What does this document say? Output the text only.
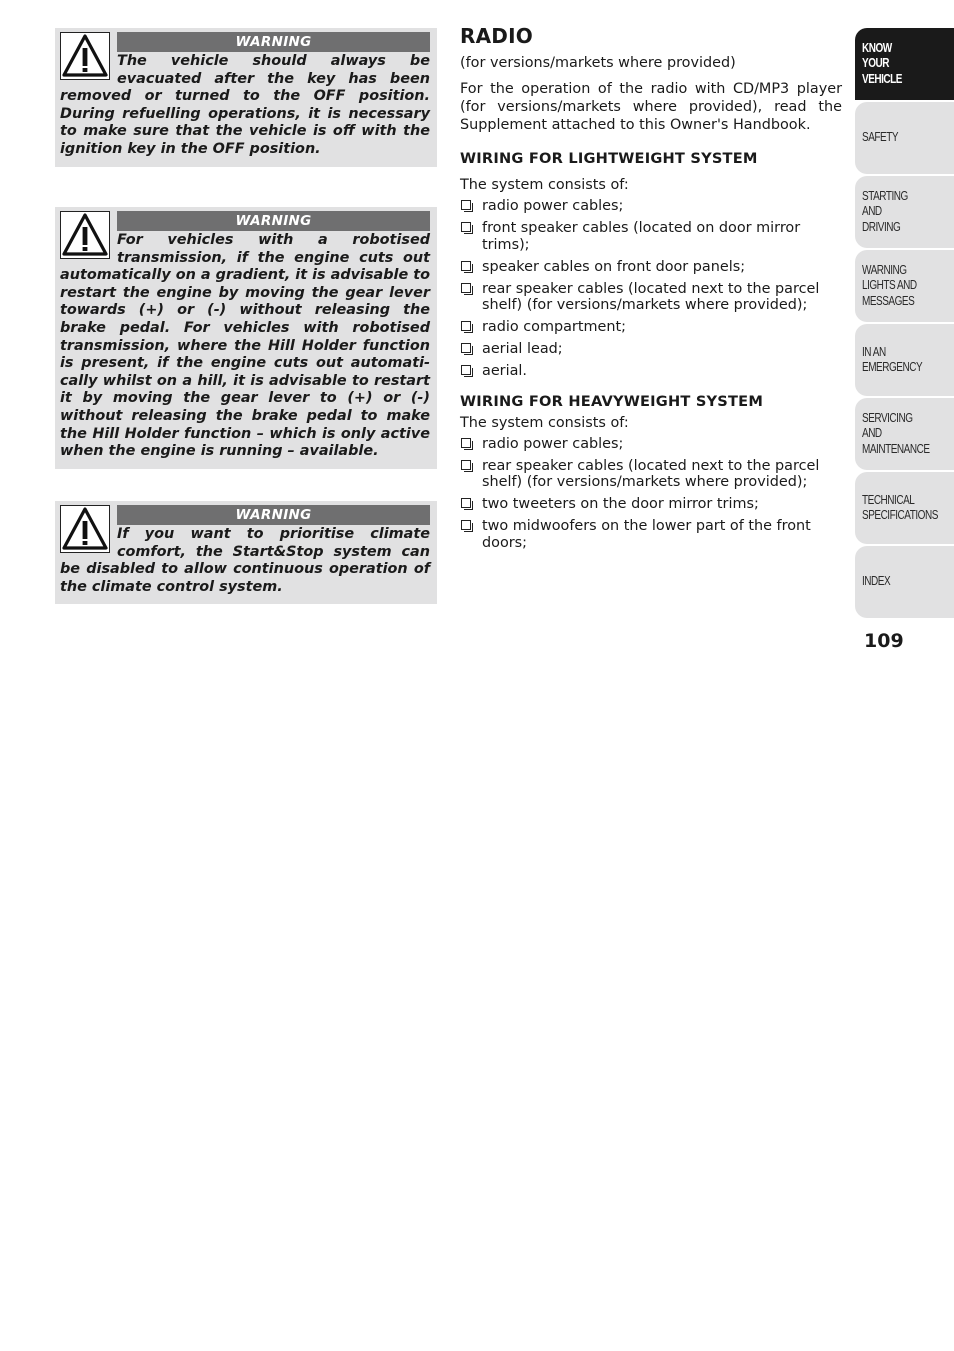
WARNING

The vehicle should always be evacuated after the key has been removed or turned to the OFF position. During refuelling operations, it is necessary to make sure that the vehicle is off with the ignition key in the OFF position.

WARNING

For vehicles with a robotised transmission, if the engine cuts out automatically on a gradient, it is advisable to restart the engine by moving the gear lever towards (+) or (-) without releasing the brake pedal. For vehicles with robotised transmission, where the Hill Holder function is present, if the engine cuts out automatically whilst on a hill, it is advisable to restart it by moving the gear lever to (+) or (-) without releasing the brake pedal to make the Hill Holder function – which is only active when the engine is running – available.

WARNING

If you want to prioritise climate comfort, the Start&Stop system can be disabled to allow continuous operation of the climate control system.

RADIO

(for versions/markets where provided)

For the operation of the radio with CD/MP3 player (for versions/markets where provided), read the Supplement attached to this Owner's Handbook.

WIRING FOR LIGHTWEIGHT SYSTEM

The system consists of:

radio power cables;
front speaker cables (located on door mirror trims);
speaker cables on front door panels;
rear speaker cables (located next to the parcel shelf) (for versions/markets where provided);
radio compartment;
aerial lead;
aerial.
WIRING FOR HEAVYWEIGHT SYSTEM

The system consists of:

radio power cables;
rear speaker cables (located next to the parcel shelf) (for versions/markets where provided);
two tweeters on the door mirror trims;
two midwoofers on the lower part of the front doors;
KNOW
YOUR
VEHICLE
SAFETY
STARTING
AND
DRIVING
WARNING
LIGHTS AND
MESSAGES
IN AN
EMERGENCY
SERVICING
AND
MAINTENANCE
TECHNICAL
SPECIFICATIONS
INDEX
109
